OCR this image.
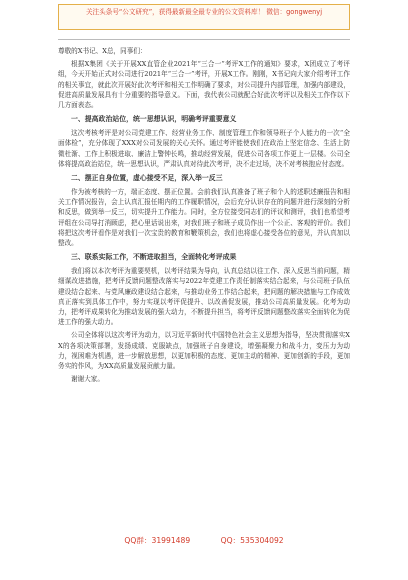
关注头条号“公文研究”，获得最新最全最专业的公文资料库！ 微信：gongwenyj

尊敬的X书记、X总，同事们：

根据X集团《关于开展XX直管企业2021年“三合一”考评X工作的通知》要求，X团成立了考评组，今天开始正式对公司进行2021年“三合一”考评，开展X工作。刚刚，X书记向大家介绍考评工作的相关事宜，就此次开展好此次考评和相关工作明确了要求，对公司提升内部管理，加强内部建设，促进高质量发展具有十分重要的指导意义。下面，我代表公司就配合好此次考评以及相关工作作以下几方面表态。

一、提高政治站位，统一思想认识，明确考评重要意义

这次考核考评是对公司党建工作、经营业务工作、制度管理工作和领导班子个人能力的一次“全面体检”，充分体现了XXX对公司发展的关心关怀。通过考评能使我们在政治上坚定信念、生活上防微杜渐、工作上积极进取、廉洁上警钟长鸣，推动经营发展，促进公司各项工作更上一层楼。公司全体将提高政治站位，统一思想认识，严肃认真对待此次考评，决不走过场，决不对考核抱应付态度。

二、摆正自身位置，虚心接受不足，深入举一反三

作为被考核的一方，端正态度、摆正位置。会前我们认真准备了班子和个人的述职述廉报告和相关工作情况报告，会上认真汇报任期内的工作履职情况，会后充分认识存在的问题并进行深刻的分析和反思，做到举一反三，切实提升工作能力。同时，全方位接受同志们的评议和测评，我们也希望考评组在公司导打消顾虑，把心里话说出来，对我们班子和班子成员作出一个公正、客观的评价。我们将把这次考评看作是对我们一次宝贵的教育和鞭策机会，我们也将虚心接受各位的意见，并认真加以整改。

三、联系实际工作，不断进取担当，全面转化考评成果

我们将以本次考评为重要契机，以考评结果为导向，认真总结以往工作、深入反思当前问题，精细谋改进措施，把考评反馈问题整改落实与2022年党建工作责任制落实结合起来，与公司班子队伍建设结合起来、与党风廉政建设结合起来，与推动业务工作结合起来，把问题的解决措施与工作成效真正落实到具体工作中，努力实现以考评促提升、以改善促发展，推动公司高质量发展。化考为动力，把考评成果转化为推动发展的强大动力，不断提升担当，将考评反馈问题整改落实全面转化为促进工作的强大动力。

公司全体将以这次考评为动力，以习近平新时代中国特色社会主义思想为指导，坚决贯彻落实XX的各项决策部署，发扬成绩、克服缺点，加强班子自身建设，增强凝聚力和战斗力，变压力为动力，视困难为机遇，进一步解放思想，以更加积极的态度、更加主动的精神、更加创新的手段，更加务实的作风，为XX高质量发展贡献力量。

谢谢大家。

QQ群：31991489	QQ：535304092
